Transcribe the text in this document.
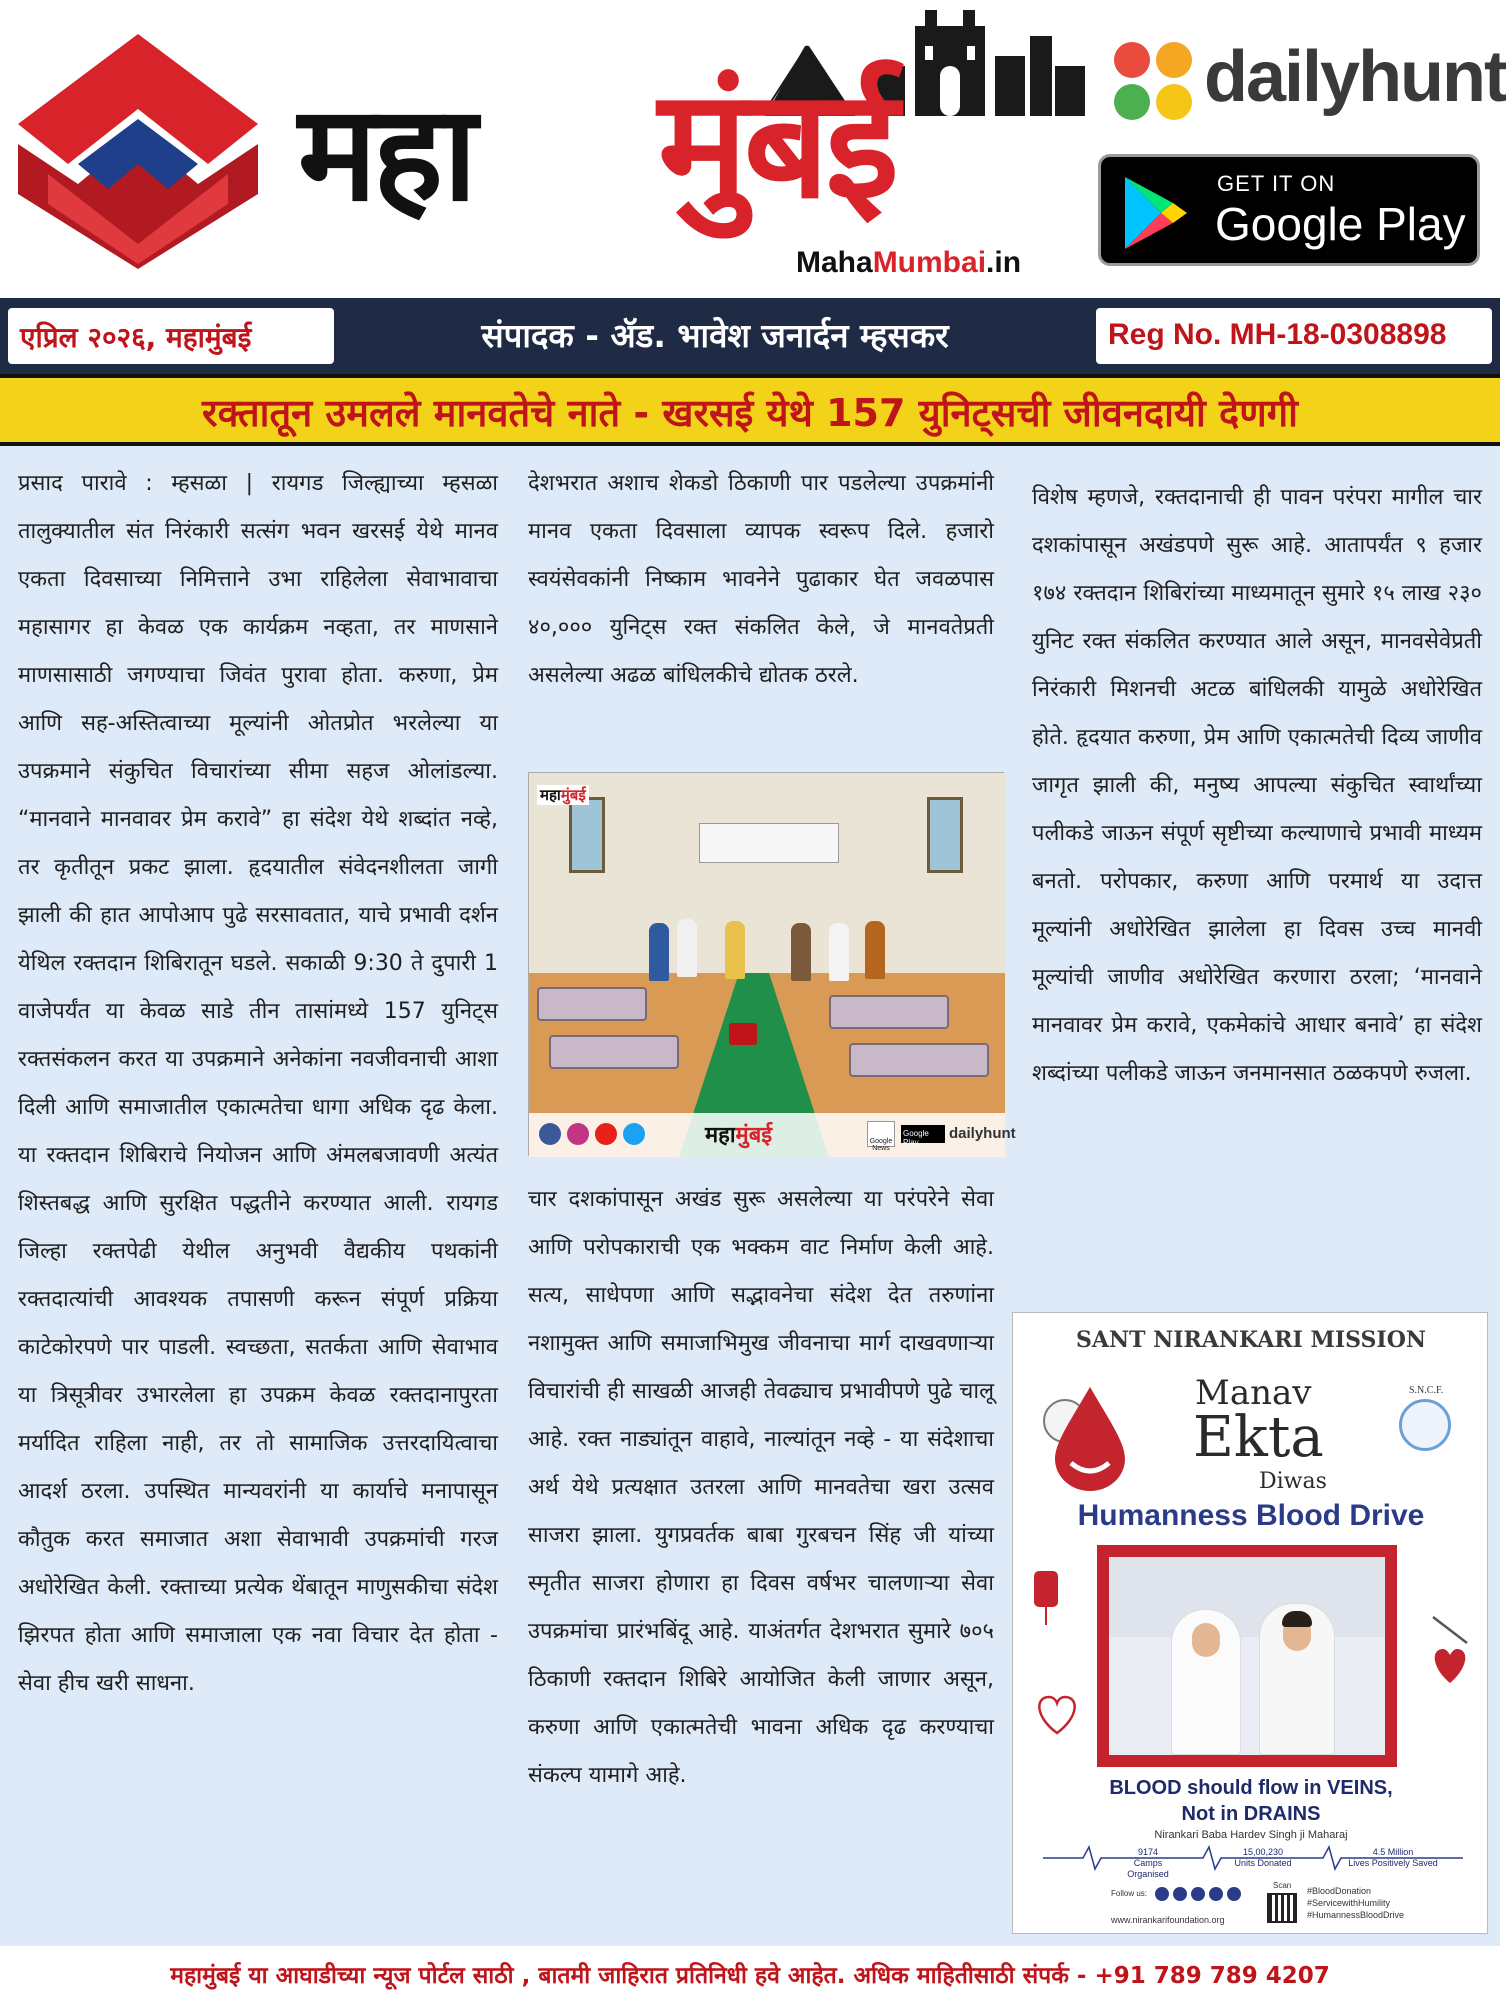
महा मुंबई
MahaMumbai.in
dailyhunt
GET IT ON
Google Play
एप्रिल २०२६, महामुंबई	संपादक - ॲड. भावेश जनार्दन म्हसकर	Reg No. MH-18-0308898
रक्तातून उमलले मानवतेचे नाते - खरसई येथे 157 युनिट्सची जीवनदायी देणगी

प्रसाद पारावे : म्हसळा | रायगड जिल्ह्याच्या म्हसळा तालुक्यातील संत निरंकारी सत्संग भवन खरसई येथे मानव एकता दिवसाच्या निमित्ताने उभा राहिलेला सेवाभावाचा महासागर हा केवळ एक कार्यक्रम नव्हता, तर माणसाने माणसासाठी जगण्याचा जिवंत पुरावा होता. करुणा, प्रेम आणि सह-अस्तित्वाच्या मूल्यांनी ओतप्रोत भरलेल्या या उपक्रमाने संकुचित विचारांच्या सीमा सहज ओलांडल्या. “मानवाने मानवावर प्रेम करावे” हा संदेश येथे शब्दांत नव्हे, तर कृतीतून प्रकट झाला. हृदयातील संवेदनशीलता जागी झाली की हात आपोआप पुढे सरसावतात, याचे प्रभावी दर्शन येथिल रक्तदान शिबिरातून घडले. सकाळी 9:30 ते दुपारी 1 वाजेपर्यंत या केवळ साडे तीन तासांमध्ये 157 युनिट्स रक्तसंकलन करत या उपक्रमाने अनेकांना नवजीवनाची आशा दिली आणि समाजातील एकात्मतेचा धागा अधिक दृढ केला. या रक्तदान शिबिराचे नियोजन आणि अंमलबजावणी अत्यंत शिस्तबद्ध आणि सुरक्षित पद्धतीने करण्यात आली. रायगड जिल्हा रक्तपेढी येथील अनुभवी वैद्यकीय पथकांनी रक्तदात्यांची आवश्यक तपासणी करून संपूर्ण प्रक्रिया काटेकोरपणे पार पाडली. स्वच्छता, सतर्कता आणि सेवाभाव या त्रिसूत्रीवर उभारलेला हा उपक्रम केवळ रक्तदानापुरता मर्यादित राहिला नाही, तर तो सामाजिक उत्तरदायित्वाचा आदर्श ठरला. उपस्थित मान्यवरांनी या कार्याचे मनापासून कौतुक करत समाजात अशा सेवाभावी उपक्रमांची गरज अधोरेखित केली. रक्ताच्या प्रत्येक थेंबातून माणुसकीचा संदेश झिरपत होता आणि समाजाला एक नवा विचार देत होता - सेवा हीच खरी साधना.

देशभरात अशाच शेकडो ठिकाणी पार पडलेल्या उपक्रमांनी मानव एकता दिवसाला व्यापक स्वरूप दिले. हजारो स्वयंसेवकांनी निष्काम भावनेने पुढाकार घेत जवळपास ४०,००० युनिट्स रक्त संकलित केले, जे मानवतेप्रती असलेल्या अढळ बांधिलकीचे द्योतक ठरले.

महामुंबई
महामुंबई	Google News
Google Play
dailyhunt

चार दशकांपासून अखंड सुरू असलेल्या या परंपरेने सेवा आणि परोपकाराची एक भक्कम वाट निर्माण केली आहे. सत्य, साधेपणा आणि सद्भावनेचा संदेश देत तरुणांना नशामुक्त आणि समाजाभिमुख जीवनाचा मार्ग दाखवणाऱ्या विचारांची ही साखळी आजही तेवढ्याच प्रभावीपणे पुढे चालू आहे. रक्त नाड्यांतून वाहावे, नाल्यांतून नव्हे - या संदेशाचा अर्थ येथे प्रत्यक्षात उतरला आणि मानवतेचा खरा उत्सव साजरा झाला. युगप्रवर्तक बाबा गुरबचन सिंह जी यांच्या स्मृतीत साजरा होणारा हा दिवस वर्षभर चालणाऱ्या सेवा उपक्रमांचा प्रारंभबिंदू आहे. याअंतर्गत देशभरात सुमारे ७०५ ठिकाणी रक्तदान शिबिरे आयोजित केली जाणार असून, करुणा आणि एकात्मतेची भावना अधिक दृढ करण्याचा संकल्प यामागे आहे.

विशेष म्हणजे, रक्तदानाची ही पावन परंपरा मागील चार दशकांपासून अखंडपणे सुरू आहे. आतापर्यंत ९ हजार १७४ रक्तदान शिबिरांच्या माध्यमातून सुमारे १५ लाख २३० युनिट रक्त संकलित करण्यात आले असून, मानवसेवेप्रती निरंकारी मिशनची अटळ बांधिलकी यामुळे अधोरेखित होते. हृदयात करुणा, प्रेम आणि एकात्मतेची दिव्य जाणीव जागृत झाली की, मनुष्य आपल्या संकुचित स्वार्थांच्या पलीकडे जाऊन संपूर्ण सृष्टीच्या कल्याणाचे प्रभावी माध्यम बनतो. परोपकार, करुणा आणि परमार्थ या उदात्त मूल्यांनी अधोरेखित झालेला हा दिवस उच्च मानवी मूल्यांची जाणीव अधोरेखित करणारा ठरला; ‘मानवाने मानवावर प्रेम करावे, एकमेकांचे आधार बनावे’ हा संदेश शब्दांच्या पलीकडे जाऊन जनमानसात ठळकपणे रुजला.

SANT NIRANKARI MISSION
Manav
Ekta
Diwas
S.N.C.F.
Humanness Blood Drive
BLOOD should flow in VEINS,
Not in DRAINS
Nirankari Baba Hardev Singh ji Maharaj
9174
Camps Organised
15,00,230
Units Donated
4.5 Million
Lives Positively Saved
Follow us:
www.nirankarifoundation.org
Scan
#BloodDonation
#ServicewithHumility
#HumannessBloodDrive
महामुंबई या आघाडीच्या न्यूज पोर्टल साठी , बातमी जाहिरात प्रतिनिधी हवे आहेत. अधिक माहितीसाठी संपर्क - +91 789 789 4207
